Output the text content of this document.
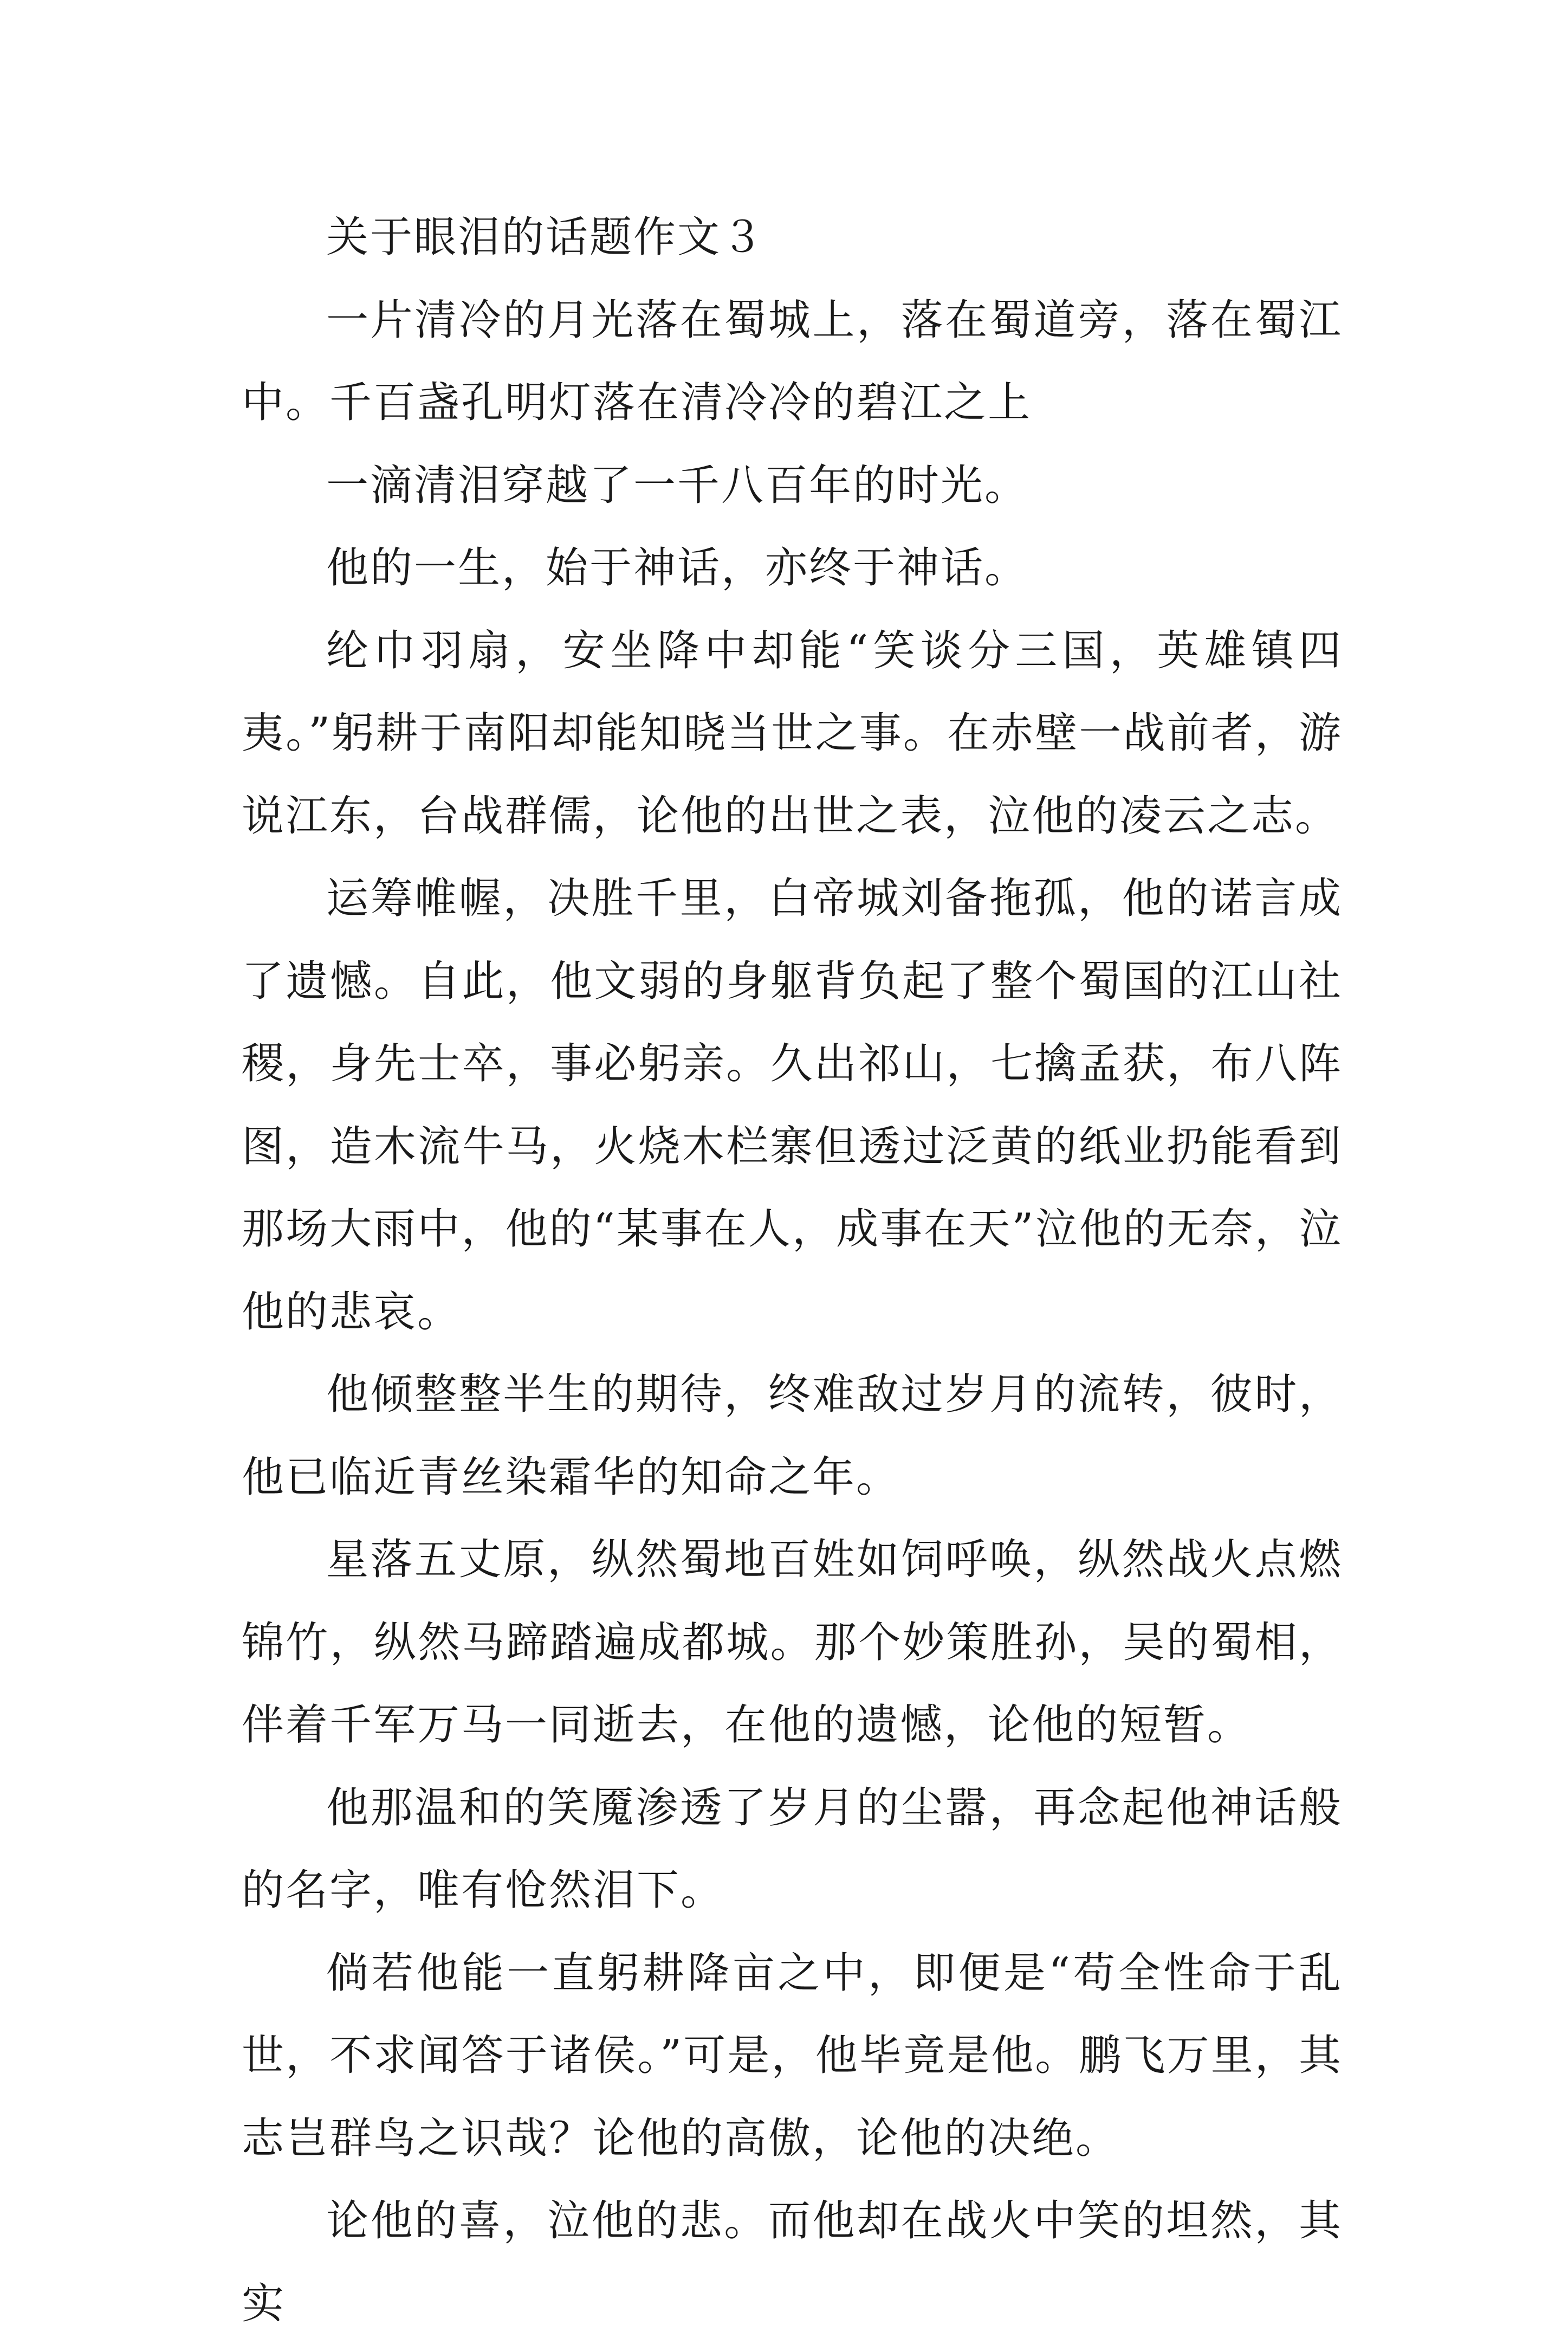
关于眼泪的话题作文３

一片清冷的月光落在蜀城上，落在蜀道旁，落在蜀江中。千百盏孔明灯落在清冷冷的碧江之上

一滴清泪穿越了一千八百年的时光。

他的一生，始于神话，亦终于神话。

纶巾羽扇，安坐降中却能“笑谈分三国，英雄镇四夷。”躬耕于南阳却能知晓当世之事。在赤壁一战前者，游说江东，台战群儒，论他的出世之表，泣他的凌云之志。

运筹帷幄，决胜千里，白帝城刘备拖孤，他的诺言成了遗憾。自此，他文弱的身躯背负起了整个蜀国的江山社稷，身先士卒，事必躬亲。久出祁山，七擒孟获，布八阵图，造木流牛马，火烧木栏寨但透过泛黄的纸业扔能看到那场大雨中，他的“某事在人，成事在天”泣他的无奈，泣他的悲哀。

他倾整整半生的期待，终难敌过岁月的流转，彼时，他已临近青丝染霜华的知命之年。

星落五丈原，纵然蜀地百姓如饲呼唤，纵然战火点燃锦竹，纵然马蹄踏遍成都城。那个妙策胜孙，吴的蜀相，伴着千军万马一同逝去，在他的遗憾，论他的短暂。

他那温和的笑魇渗透了岁月的尘嚣，再念起他神话般的名字，唯有怆然泪下。

倘若他能一直躬耕降亩之中，即便是“苟全性命于乱世，不求闻答于诸侯。”可是，他毕竟是他。鹏飞万里，其志岂群鸟之识哉？论他的高傲，论他的决绝。

论他的喜，泣他的悲。而他却在战火中笑的坦然，其实
